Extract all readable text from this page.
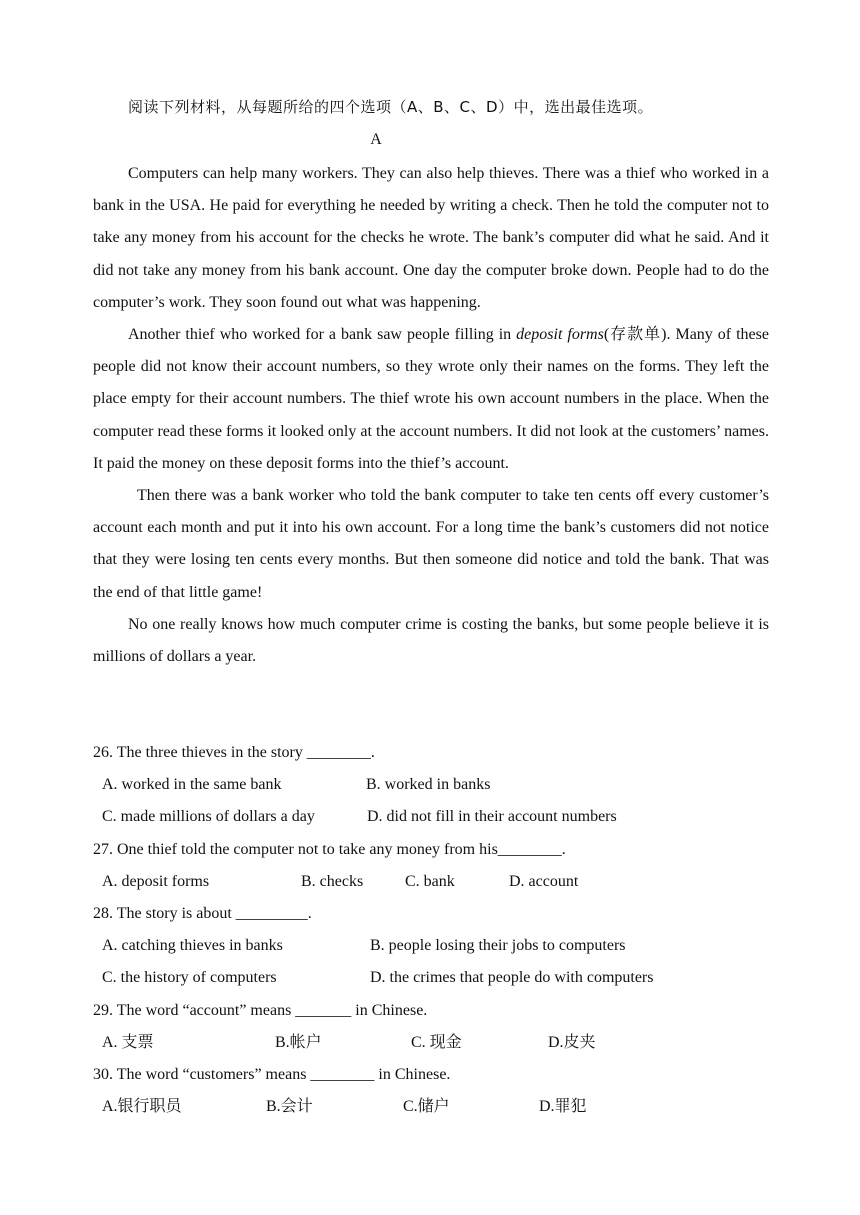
阅读下列材料，从每题所给的四个选项（A、B、C、D）中，选出最佳选项。
A

Computers can help many workers. They can also help thieves. There was a thief who worked in a bank in the USA. He paid for everything he needed by writing a check. Then he told the computer not to take any money from his account for the checks he wrote. The bank’s computer did what he said. And it did not take any money from his bank account. One day the computer broke down. People had to do the computer’s work. They soon found out what was happening.

Another thief who worked for a bank saw people filling in deposit forms(存款单). Many of these people did not know their account numbers, so they wrote only their names on the forms. They left the place empty for their account numbers. The thief wrote his own account numbers in the place. When the computer read these forms it looked only at the account numbers. It did not look at the customers’ names. It paid the money on these deposit forms into the thief’s account.

Then there was a bank worker who told the bank computer to take ten cents off every customer’s account each month and put it into his own account. For a long time the bank’s customers did not notice that they were losing ten cents every months. But then someone did notice and told the bank. That was the end of that little game!

No one really knows how much computer crime is costing the banks, but some people believe it is millions of dollars a year.

26. The three thieves in the story ________.
A. worked in the same bank	B. worked in banks
C. made millions of dollars a day	D. did not fill in their account numbers
27. One thief told the computer not to take any money from his________.
A. deposit forms	B. checks	C. bank	D. account
28. The story is about _________.
A. catching thieves in banks	B. people losing their jobs to computers
C. the history of computers	D. the crimes that people do with computers
29. The word “account” means _______ in Chinese.
A. 支票	B.帐户	C. 现金	D.皮夹
30. The word “customers” means ________ in Chinese.
A.银行职员	B.会计	C.储户	D.罪犯
